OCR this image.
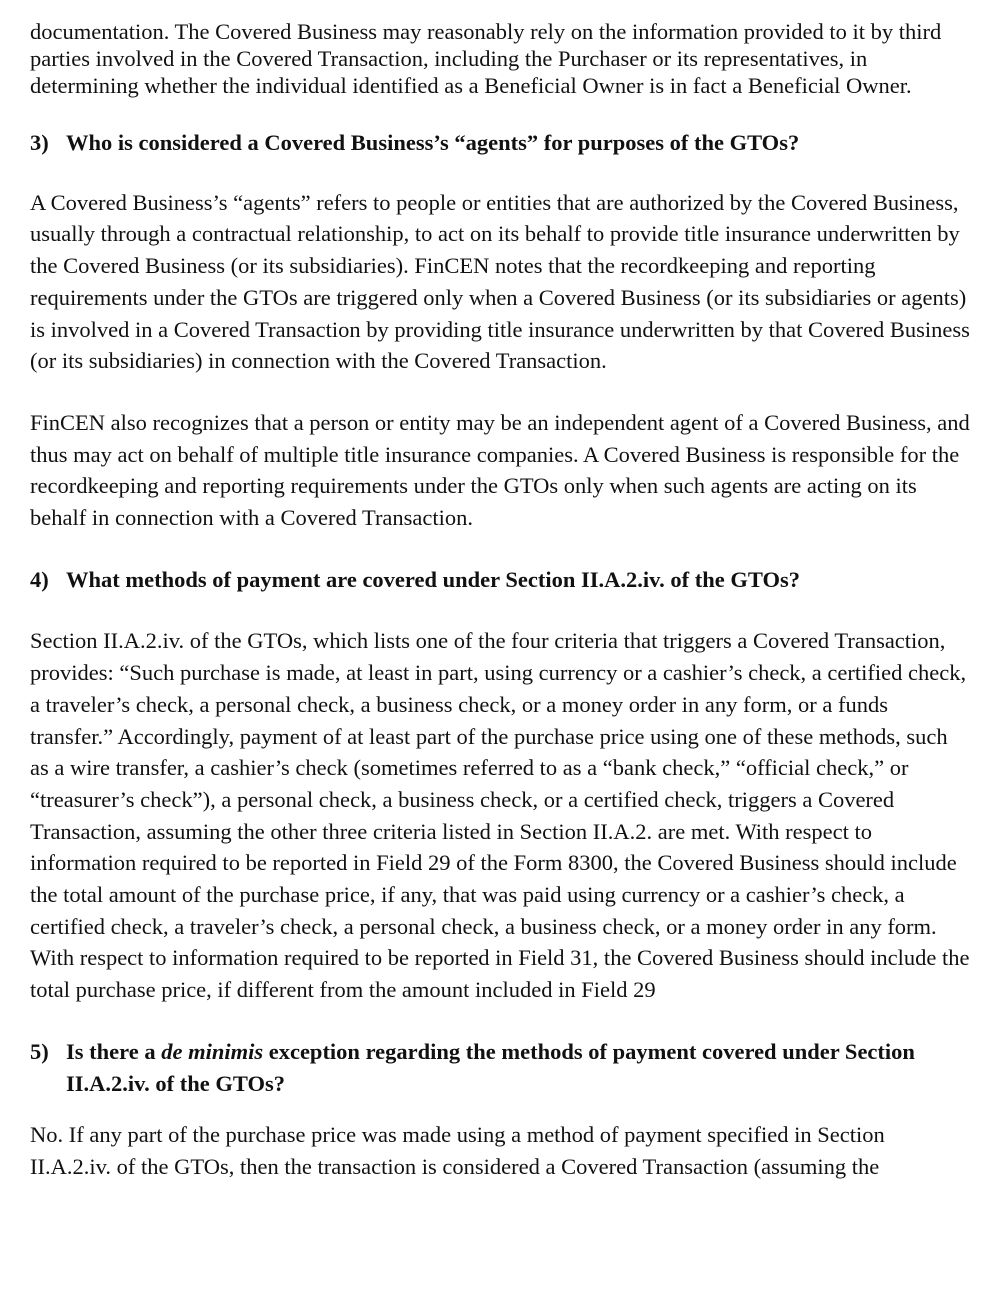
documentation. The Covered Business may reasonably rely on the information provided to it by third parties involved in the Covered Transaction, including the Purchaser or its representatives, in determining whether the individual identified as a Beneficial Owner is in fact a Beneficial Owner.

3) Who is considered a Covered Business’s “agents” for purposes of the GTOs?

A Covered Business’s “agents” refers to people or entities that are authorized by the Covered Business, usually through a contractual relationship, to act on its behalf to provide title insurance underwritten by the Covered Business (or its subsidiaries). FinCEN notes that the recordkeeping and reporting requirements under the GTOs are triggered only when a Covered Business (or its subsidiaries or agents) is involved in a Covered Transaction by providing title insurance underwritten by that Covered Business (or its subsidiaries) in connection with the Covered Transaction.

FinCEN also recognizes that a person or entity may be an independent agent of a Covered Business, and thus may act on behalf of multiple title insurance companies. A Covered Business is responsible for the recordkeeping and reporting requirements under the GTOs only when such agents are acting on its behalf in connection with a Covered Transaction.

4) What methods of payment are covered under Section II.A.2.iv. of the GTOs?

Section II.A.2.iv. of the GTOs, which lists one of the four criteria that triggers a Covered Transaction, provides: “Such purchase is made, at least in part, using currency or a cashier’s check, a certified check, a traveler’s check, a personal check, a business check, or a money order in any form, or a funds transfer.” Accordingly, payment of at least part of the purchase price using one of these methods, such as a wire transfer, a cashier’s check (sometimes referred to as a “bank check,” “official check,” or “treasurer’s check”), a personal check, a business check, or a certified check, triggers a Covered Transaction, assuming the other three criteria listed in Section II.A.2. are met. With respect to information required to be reported in Field 29 of the Form 8300, the Covered Business should include the total amount of the purchase price, if any, that was paid using currency or a cashier’s check, a certified check, a traveler’s check, a personal check, a business check, or a money order in any form. With respect to information required to be reported in Field 31, the Covered Business should include the total purchase price, if different from the amount included in Field 29

5) Is there a de minimis exception regarding the methods of payment covered under Section II.A.2.iv. of the GTOs?

No. If any part of the purchase price was made using a method of payment specified in Section II.A.2.iv. of the GTOs, then the transaction is considered a Covered Transaction (assuming the
